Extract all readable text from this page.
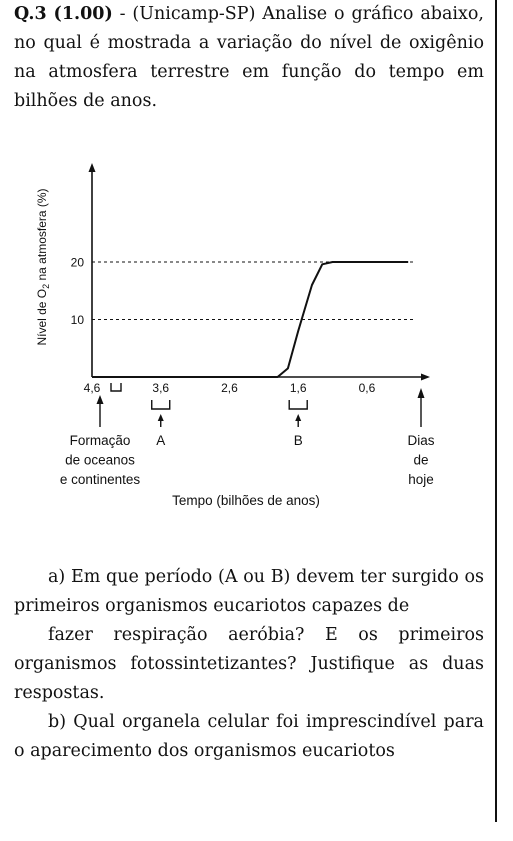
Q.3 (1.00) - (Unicamp-SP) Analise o gráfico abaixo, no qual é mostrada a variação do nível de oxigênio na atmosfera terrestre em função do tempo em bilhões de anos.

20
10
4,6	3,6	2,6	1,6	0,6
Nível de $O_2$ na atmosfera (%)
Formação
de oceanos
e continentes
A	B	Dias
de
hoje
Tempo (bilhões de anos)

a) Em que período (A ou B) devem ter surgido os primeiros organismos eucariotos capazes de

fazer respiração aeróbia? E os primeiros organismos fotossintetizantes? Justifique as duas respostas.

b) Qual organela celular foi imprescindível para o aparecimento dos organismos eucariotos
